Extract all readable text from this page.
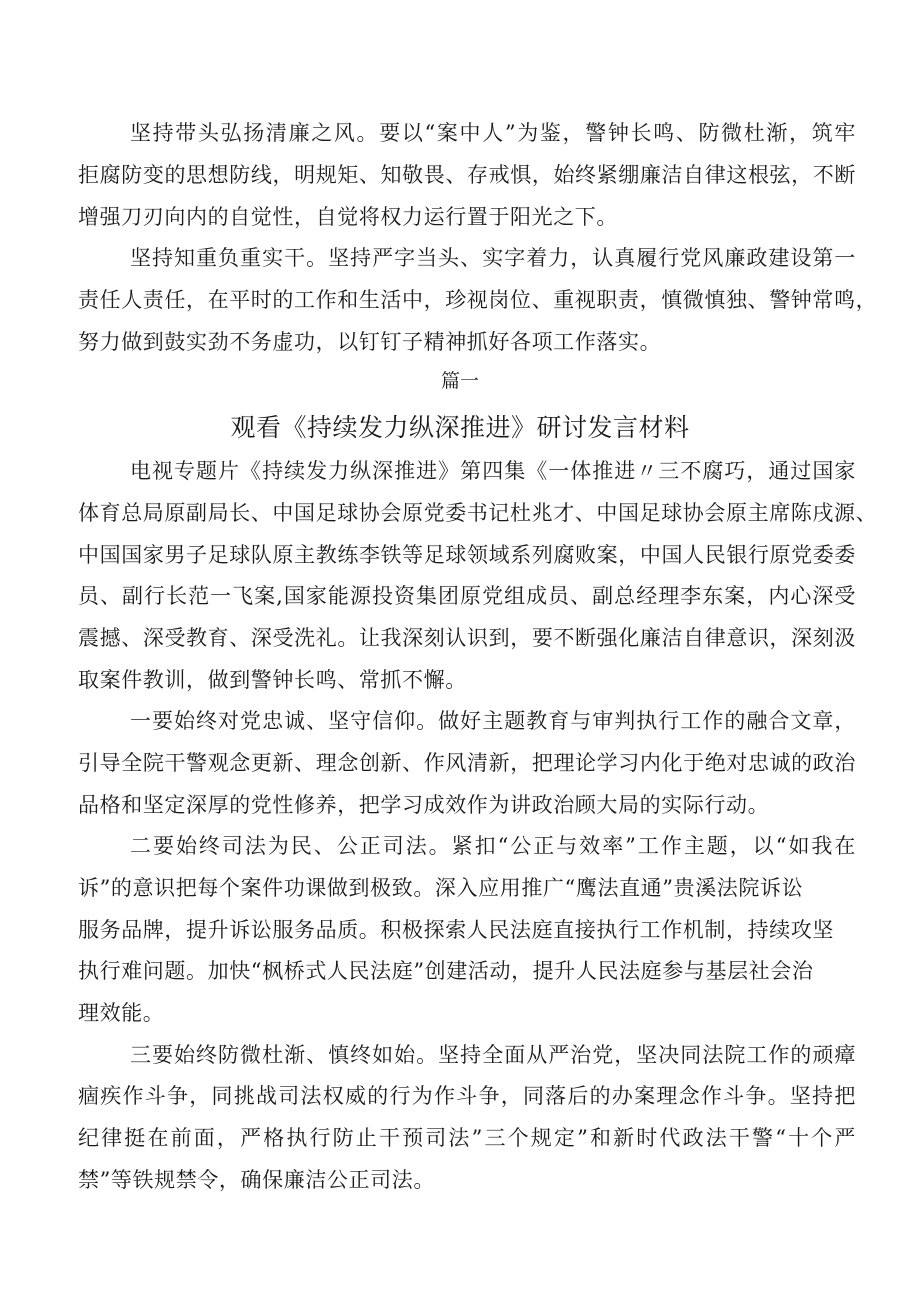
坚持带头弘扬清廉之风。要以“案中人”为鉴，警钟长鸣、防微杜渐，筑牢
拒腐防变的思想防线，明规矩、知敬畏、存戒惧，始终紧绷廉洁自律这根弦，不断
增强刀刃向内的自觉性，自觉将权力运行置于阳光之下。
坚持知重负重实干。坚持严字当头、实字着力，认真履行党风廉政建设第一
责任人责任，在平时的工作和生活中，珍视岗位、重视职责，慎微慎独、警钟常鸣，
努力做到鼓实劲不务虚功，以钉钉子精神抓好各项工作落实。
篇一
观看《持续发力纵深推进》研讨发言材料
电视专题片《持续发力纵深推进》第四集《一体推进〃三不腐巧，通过国家
体育总局原副局长、中国足球协会原党委书记杜兆才、中国足球协会原主席陈戌源、
中国国家男子足球队原主教练李铁等足球领域系列腐败案，中国人民银行原党委委
员、副行长范一飞案,国家能源投资集团原党组成员、副总经理李东案，内心深受
震撼、深受教育、深受洗礼。让我深刻认识到，要不断强化廉洁自律意识，深刻汲
取案件教训，做到警钟长鸣、常抓不懈。
一要始终对党忠诚、坚守信仰。做好主题教育与审判执行工作的融合文章，
引导全院干警观念更新、理念创新、作风清新，把理论学习内化于绝对忠诚的政治
品格和坚定深厚的党性修养，把学习成效作为讲政治顾大局的实际行动。
二要始终司法为民、公正司法。紧扣“公正与效率”工作主题，以“如我在
诉”的意识把每个案件功课做到极致。深入应用推广“鹰法直通”贵溪法院诉讼
服务品牌，提升诉讼服务品质。积极探索人民法庭直接执行工作机制，持续攻坚
执行难问题。加快“枫桥式人民法庭”创建活动，提升人民法庭参与基层社会治
理效能。
三要始终防微杜渐、慎终如始。坚持全面从严治党，坚决同法院工作的顽瘴
痼疾作斗争，同挑战司法权威的行为作斗争，同落后的办案理念作斗争。坚持把
纪律挺在前面，严格执行防止干预司法”三个规定”和新时代政法干警“十个严
禁”等铁规禁令，确保廉洁公正司法。
